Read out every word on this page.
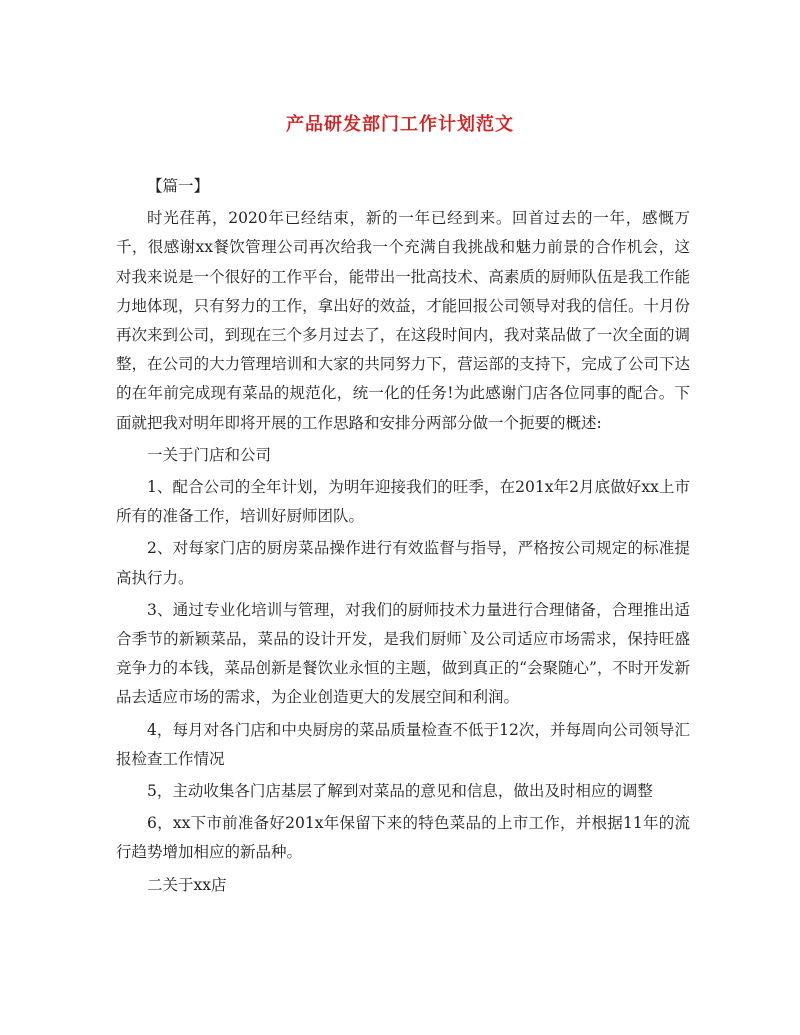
产品研发部门工作计划范文

【篇一】

时光荏苒，2020年已经结束，新的一年已经到来。回首过去的一年，感慨万千，很感谢xx餐饮管理公司再次给我一个充满自我挑战和魅力前景的合作机会，这对我来说是一个很好的工作平台，能带出一批高技术、高素质的厨师队伍是我工作能力地体现，只有努力的工作，拿出好的效益，才能回报公司领导对我的信任。十月份再次来到公司，到现在三个多月过去了，在这段时间内，我对菜品做了一次全面的调整，在公司的大力管理培训和大家的共同努力下，营运部的支持下，完成了公司下达的在年前完成现有菜品的规范化，统一化的任务!为此感谢门店各位同事的配合。下面就把我对明年即将开展的工作思路和安排分两部分做一个扼要的概述:

一关于门店和公司

1、配合公司的全年计划，为明年迎接我们的旺季，在201x年2月底做好xx上市所有的准备工作，培训好厨师团队。

2、对每家门店的厨房菜品操作进行有效监督与指导，严格按公司规定的标准提高执行力。

3、通过专业化培训与管理，对我们的厨师技术力量进行合理储备，合理推出适合季节的新颖菜品，菜品的设计开发，是我们厨师`及公司适应市场需求，保持旺盛竞争力的本钱，菜品创新是餐饮业永恒的主题，做到真正的“会聚随心”，不时开发新品去适应市场的需求，为企业创造更大的发展空间和利润。

4，每月对各门店和中央厨房的菜品质量检查不低于12次，并每周向公司领导汇报检查工作情况

5，主动收集各门店基层了解到对菜品的意见和信息，做出及时相应的调整

6，xx下市前准备好201x年保留下来的特色菜品的上市工作，并根据11年的流行趋势增加相应的新品种。

二关于xx店
